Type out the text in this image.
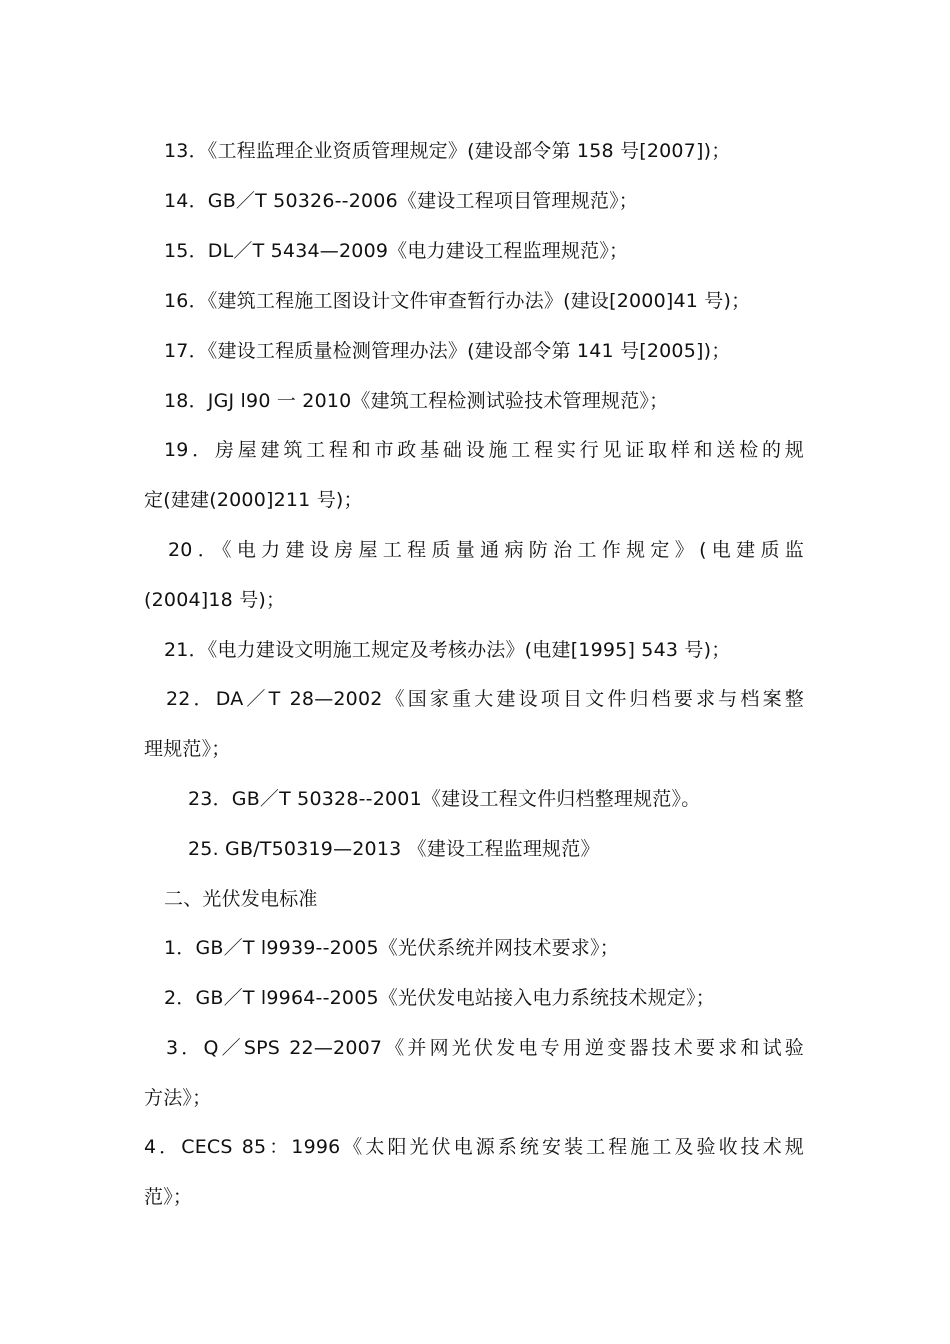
13．《工程监理企业资质管理规定》(建设部令第 158 号[2007])；
14．GB／T 50326--2006《建设工程项目管理规范》；
15．DL／T 5434—2009《电力建设工程监理规范》；
16．《建筑工程施工图设计文件审查暂行办法》(建设[2000]41 号)；
17．《建设工程质量检测管理办法》(建设部令第 141 号[2005])；
18．JGJ l90 一 2010《建筑工程检测试验技术管理规范》；
19．房屋建筑工程和市政基础设施工程实行见证取样和送检的规
定(建建(2000]211 号)；
20．《电力建设房屋工程质量通病防治工作规定》(电建质监
(2004]18 号)；
21．《电力建设文明施工规定及考核办法》(电建[1995] 543 号)；
22．DA／T 28—2002《国家重大建设项目文件归档要求与档案整
理规范》；
23．GB／T 50328--2001《建设工程文件归档整理规范》。
25. GB/T50319—2013 《建设工程监理规范》
二、光伏发电标准
1．GB／T l9939--2005《光伏系统并网技术要求》；
2．GB／T l9964--2005《光伏发电站接入电力系统技术规定》；
3．Q／SPS 22—2007《并网光伏发电专用逆变器技术要求和试验
方法》；
4．CECS 85：1996《太阳光伏电源系统安装工程施工及验收技术规
范》；
